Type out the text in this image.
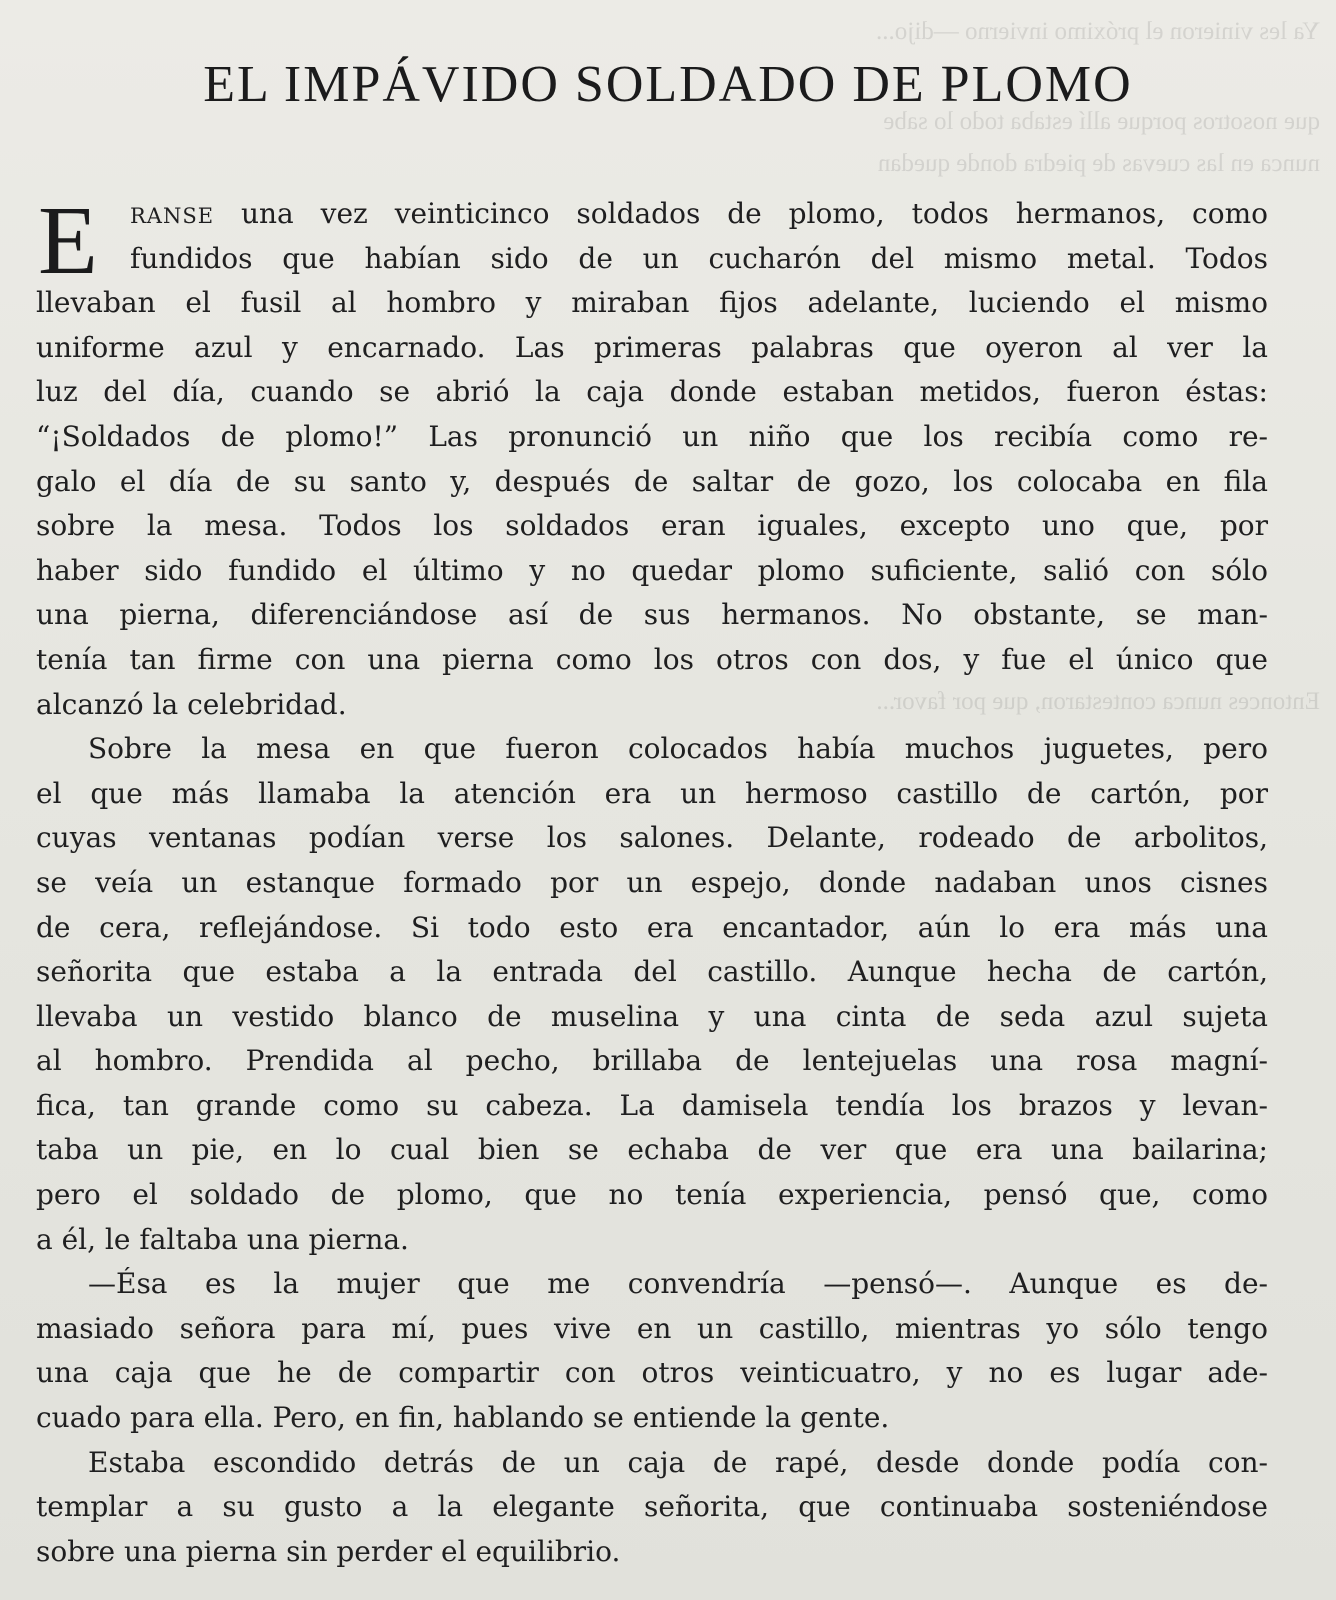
Ya les vinieron el próximo invierno —dijo...
que nosotros porque allí estaba todo lo sabe
nunca en las cuevas de piedra donde quedan
Entonces nunca contestaron, que por favor...
EL IMPÁVIDO SOLDADO DE PLOMO
E	RANSE una vez veinticinco soldados de plomo, todos hermanos, como
fundidos que habían sido de un cucharón del mismo metal. Todos
llevaban el fusil al hombro y miraban fijos adelante, luciendo el mismo
uniforme azul y encarnado. Las primeras palabras que oyeron al ver la
luz del día, cuando se abrió la caja donde estaban metidos, fueron éstas:
“¡Soldados de plomo!” Las pronunció un niño que los recibía como re-
galo el día de su santo y, después de saltar de gozo, los colocaba en fila
sobre la mesa. Todos los soldados eran iguales, excepto uno que, por
haber sido fundido el último y no quedar plomo suficiente, salió con sólo
una pierna, diferenciándose así de sus hermanos. No obstante, se man-
tenía tan firme con una pierna como los otros con dos, y fue el único que
alcanzó la celebridad.
Sobre la mesa en que fueron colocados había muchos juguetes, pero
el que más llamaba la atención era un hermoso castillo de cartón, por
cuyas ventanas podían verse los salones. Delante, rodeado de arbolitos,
se veía un estanque formado por un espejo, donde nadaban unos cisnes
de cera, reflejándose. Si todo esto era encantador, aún lo era más una
señorita que estaba a la entrada del castillo. Aunque hecha de cartón,
llevaba un vestido blanco de muselina y una cinta de seda azul sujeta
al hombro. Prendida al pecho, brillaba de lentejuelas una rosa magní-
fica, tan grande como su cabeza. La damisela tendía los brazos y levan-
taba un pie, en lo cual bien se echaba de ver que era una bailarina;
pero el soldado de plomo, que no tenía experiencia, pensó que, como
a él, le faltaba una pierna.
—Ésa es la mujer que me convendría —pensó—. Aunque es de-
masiado señora para mí, pues vive en un castillo, mientras yo sólo tengo
una caja que he de compartir con otros veinticuatro, y no es lugar ade-
cuado para ella. Pero, en fin, hablando se entiende la gente.
Estaba escondido detrás de un caja de rapé, desde donde podía con-
templar a su gusto a la elegante señorita, que continuaba sosteniéndose
sobre una pierna sin perder el equilibrio.
